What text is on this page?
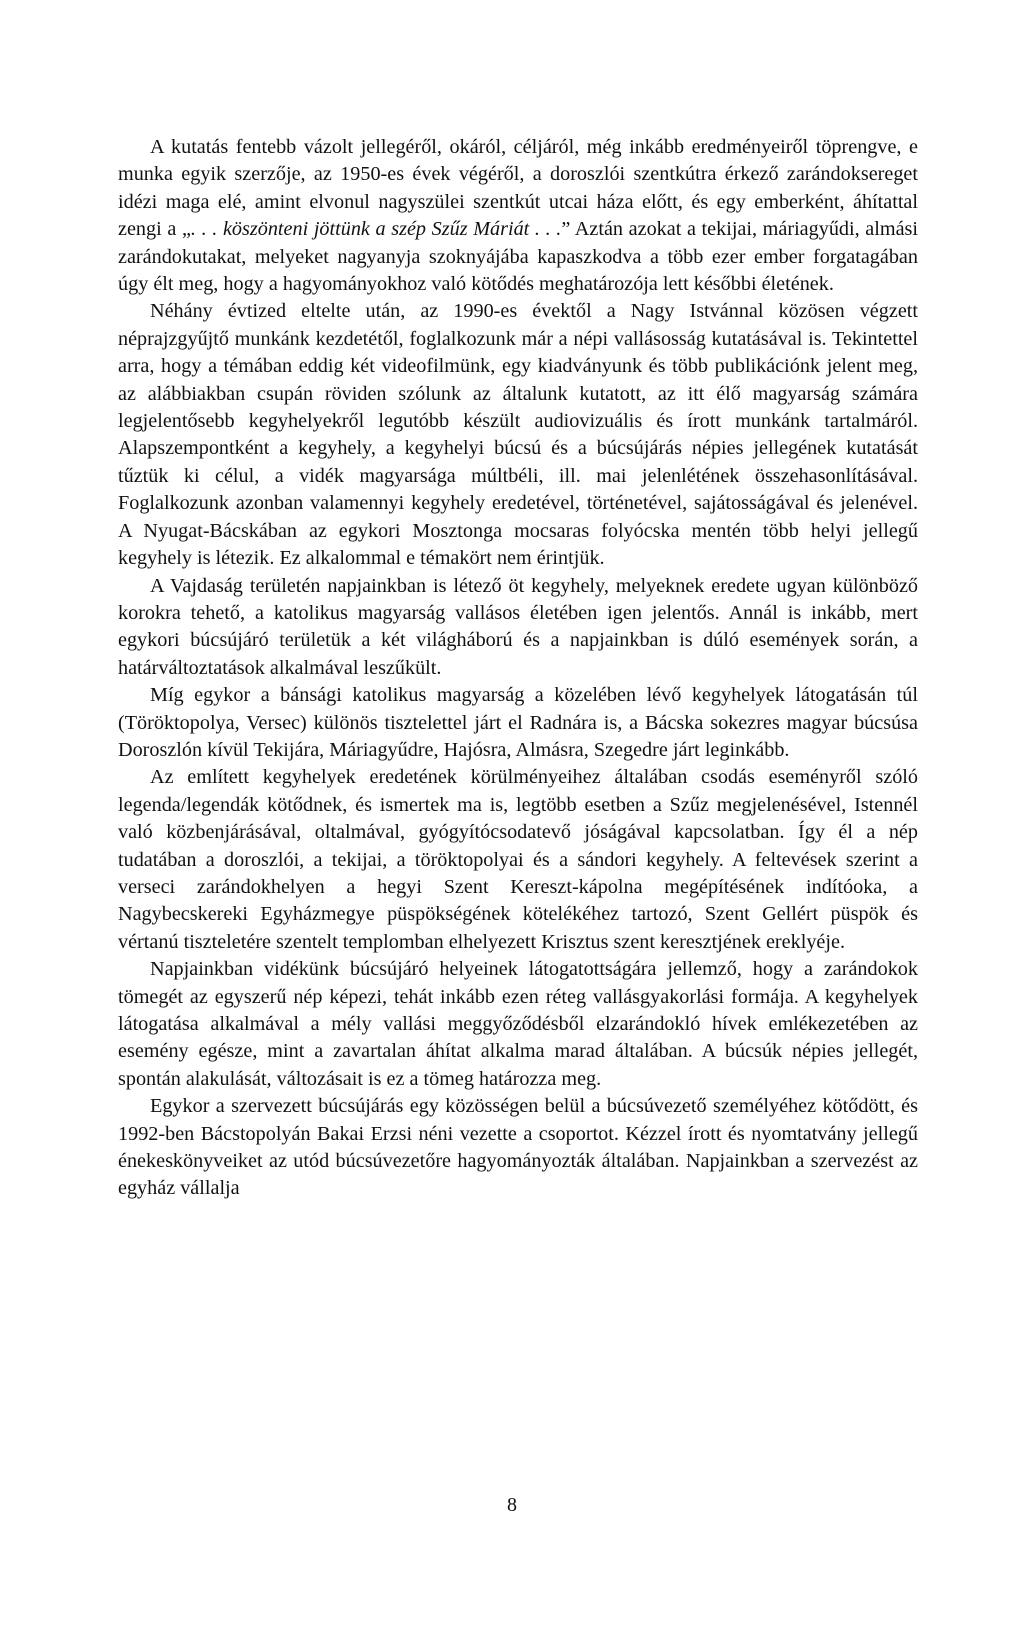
A kutatás fentebb vázolt jellegéről, okáról, céljáról, még inkább eredményeiről töprengve, e munka egyik szerzője, az 1950-es évek végéről, a doroszlói szentkútra érkező zarándoksereget idézi maga elé, amint elvonul nagyszülei szentkút utcai háza előtt, és egy emberként, áhítattal zengi a „. . . köszönteni jöttünk a szép Szűz Máriát . . .” Aztán azokat a tekijai, máriagyűdi, almási zarándokutakat, melyeket nagyanyja szoknyájába kapaszkodva a több ezer ember forgatagában úgy élt meg, hogy a hagyományokhoz való kötődés meghatározója lett későbbi életének.

Néhány évtized eltelte után, az 1990-es évektől a Nagy Istvánnal közösen végzett néprajzgyűjtő munkánk kezdetétől, foglalkozunk már a népi vallásosság kutatásával is. Tekintettel arra, hogy a témában eddig két videofilmünk, egy kiadványunk és több publikációnk jelent meg, az alábbiakban csupán röviden szólunk az általunk kutatott, az itt élő magyarság számára legjelentősebb kegyhelyekről legutóbb készült audiovizuális és írott munkánk tartalmáról. Alapszempontként a kegyhely, a kegyhelyi búcsú és a búcsújárás népies jellegének kutatását tűztük ki célul, a vidék magyarsága múltbéli, ill. mai jelenlétének összehasonlításával. Foglalkozunk azonban valamennyi kegyhely eredetével, történetével, sajátosságával és jelenével. A Nyugat-Bácskában az egykori Mosztonga mocsaras folyócska mentén több helyi jellegű kegyhely is létezik. Ez alkalommal e témakört nem érintjük.

A Vajdaság területén napjainkban is létező öt kegyhely, melyeknek eredete ugyan különböző korokra tehető, a katolikus magyarság vallásos életében igen jelentős. Annál is inkább, mert egykori búcsújáró területük a két világháború és a napjainkban is dúló események során, a határváltoztatások alkalmával leszűkült.

Míg egykor a bánsági katolikus magyarság a közelében lévő kegyhelyek látogatásán túl (Töröktopolya, Versec) különös tisztelettel járt el Radnára is, a Bácska sokezres magyar búcsúsa Doroszlón kívül Tekijára, Máriagyűdre, Hajósra, Almásra, Szegedre járt leginkább.

Az említett kegyhelyek eredetének körülményeihez általában csodás eseményről szóló legenda/legendák kötődnek, és ismertek ma is, legtöbb esetben a Szűz megjelenésével, Istennél való közbenjárásával, oltalmával, gyógyítócsodatevő jóságával kapcsolatban. Így él a nép tudatában a doroszlói, a tekijai, a töröktopolyai és a sándori kegyhely. A feltevések szerint a verseci zarándokhelyen a hegyi Szent Kereszt-kápolna megépítésének indítóoka, a Nagybecskereki Egyházmegye püspökségének kötelékéhez tartozó, Szent Gellért püspök és vértanú tiszteletére szentelt templomban elhelyezett Krisztus szent keresztjének ereklyéje.

Napjainkban vidékünk búcsújáró helyeinek látogatottságára jellemző, hogy a zarándokok tömegét az egyszerű nép képezi, tehát inkább ezen réteg vallásgyakorlási formája. A kegyhelyek látogatása alkalmával a mély vallási meggyőződésből elzarándokló hívek emlékezetében az esemény egésze, mint a zavartalan áhítat alkalma marad általában. A búcsúk népies jellegét, spontán alakulását, változásait is ez a tömeg határozza meg.

Egykor a szervezett búcsújárás egy közösségen belül a búcsúvezető személyéhez kötődött, és 1992-ben Bácstopolyán Bakai Erzsi néni vezette a csoportot. Kézzel írott és nyomtatvány jellegű énekeskönyveiket az utód búcsúvezetőre hagyományozták általában. Napjainkban a szervezést az egyház vállalja

8
